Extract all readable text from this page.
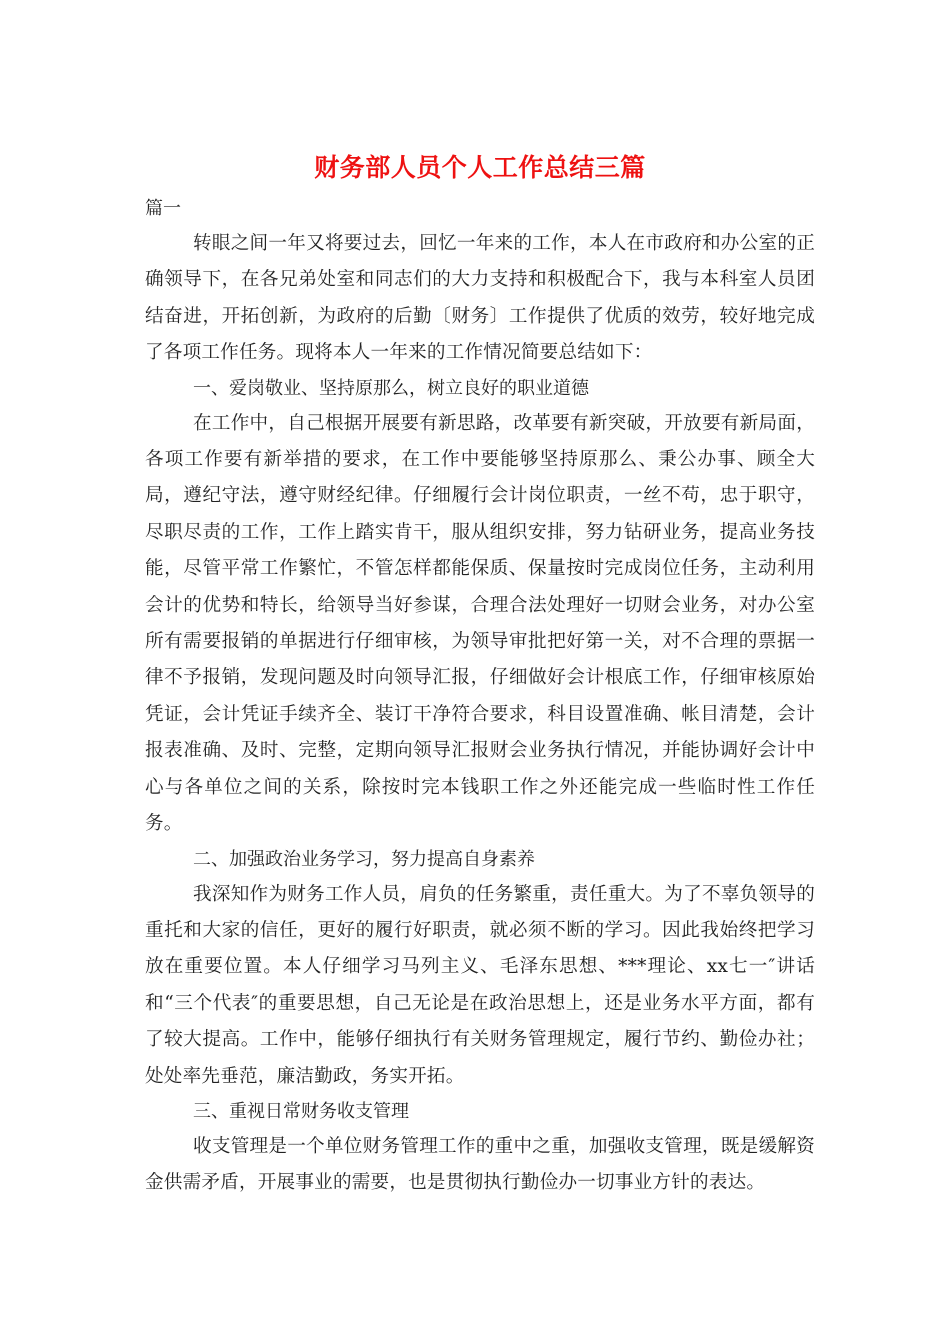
财务部人员个人工作总结三篇

篇一

转眼之间一年又将要过去，回忆一年来的工作，本人在市政府和办公室的正确领导下，在各兄弟处室和同志们的大力支持和积极配合下，我与本科室人员团结奋进，开拓创新，为政府的后勤〔财务〕工作提供了优质的效劳，较好地完成了各项工作任务。现将本人一年来的工作情况简要总结如下：

一、爱岗敬业、坚持原那么，树立良好的职业道德

在工作中，自己根据开展要有新思路，改革要有新突破，开放要有新局面，各项工作要有新举措的要求，在工作中要能够坚持原那么、秉公办事、顾全大局，遵纪守法，遵守财经纪律。仔细履行会计岗位职责，一丝不苟，忠于职守，尽职尽责的工作，工作上踏实肯干，服从组织安排，努力钻研业务，提高业务技能，尽管平常工作繁忙，不管怎样都能保质、保量按时完成岗位任务，主动利用会计的优势和特长，给领导当好参谋，合理合法处理好一切财会业务，对办公室所有需要报销的单据进行仔细审核，为领导审批把好第一关，对不合理的票据一律不予报销，发现问题及时向领导汇报，仔细做好会计根底工作，仔细审核原始凭证，会计凭证手续齐全、装订干净符合要求，科目设置准确、帐目清楚，会计报表准确、及时、完整，定期向领导汇报财会业务执行情况，并能协调好会计中心与各单位之间的关系，除按时完本钱职工作之外还能完成一些临时性工作任务。

二、加强政治业务学习，努力提高自身素养

我深知作为财务工作人员，肩负的任务繁重，责任重大。为了不辜负领导的重托和大家的信任，更好的履行好职责，就必须不断的学习。因此我始终把学习放在重要位置。本人仔细学习马列主义、毛泽东思想、***理论、xx七一″讲话和“三个代表″的重要思想，自己无论是在政治思想上，还是业务水平方面，都有了较大提高。工作中，能够仔细执行有关财务管理规定，履行节约、勤俭办社；处处率先垂范，廉洁勤政，务实开拓。

三、重视日常财务收支管理

收支管理是一个单位财务管理工作的重中之重，加强收支管理，既是缓解资金供需矛盾，开展事业的需要，也是贯彻执行勤俭办一切事业方针的表达。
